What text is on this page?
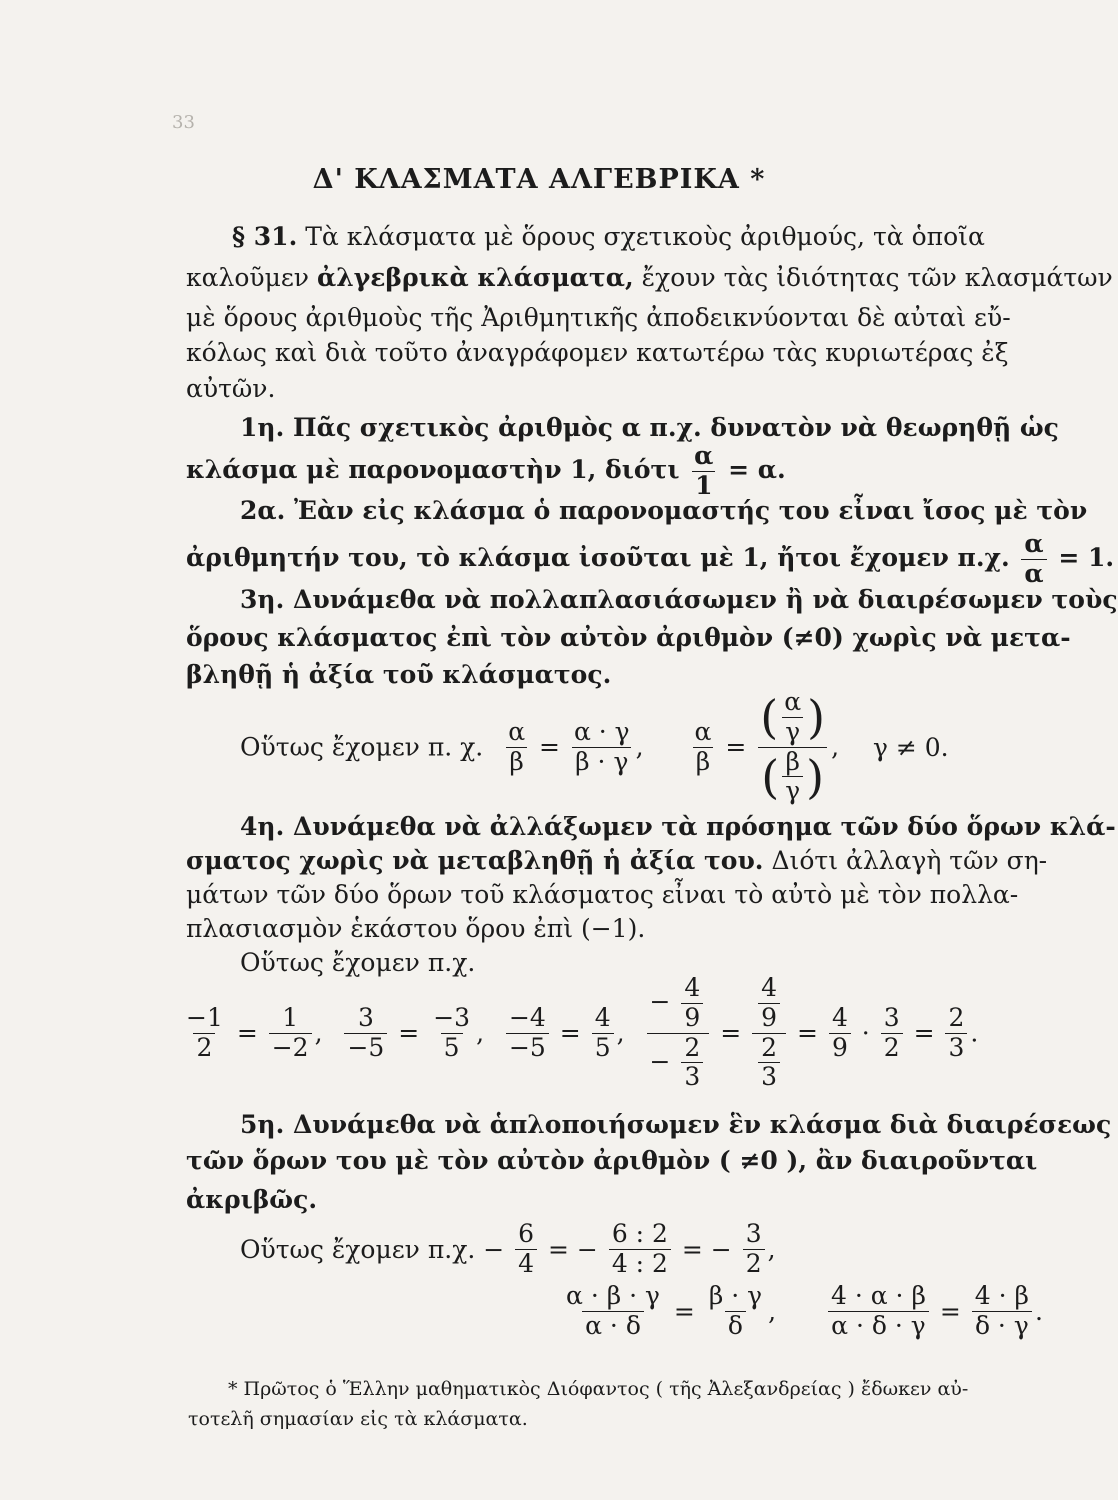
33
Δ' ΚΛΑΣΜΑΤΑ ΑΛΓΕΒΡΙΚΑ *
§ 31. Τὰ κλάσματα μὲ ὅρους σχετικοὺς ἀριθμούς, τὰ ὁποῖα
καλοῦμεν ἀλγεβρικὰ κλάσματα, ἔχουν τὰς ἰδιότητας τῶν κλασμάτων
μὲ ὅρους ἀριθμοὺς τῆς Ἀριθμητικῆς ἀποδεικνύονται δὲ αὐταὶ εὔ-
κόλως καὶ διὰ τοῦτο ἀναγράφομεν κατωτέρω τὰς κυριωτέρας ἐξ
αὐτῶν.
1η. Πᾶς σχετικὸς ἀριθμὸς α π.χ. δυνατὸν νὰ θεωρηθῇ ὡς
κλάσμα μὲ παρονομαστὴν 1, διότι $\frac{\alpha}{1} = \alpha$.
2α. Ἐὰν εἰς κλάσμα ὁ παρονομαστής του εἶναι ἴσος μὲ τὸν
ἀριθμητήν του, τὸ κλάσμα ἰσοῦται μὲ 1, ἤτοι ἔχομεν π.χ. $\frac{\alpha}{\alpha} = 1$.
3η. Δυνάμεθα νὰ πολλαπλασιάσωμεν ἢ νὰ διαιρέσωμεν τοὺς
ὅρους κλάσματος ἐπὶ τὸν αὐτὸν ἀριθμὸν (≠0) χωρὶς νὰ μετα-
βληθῇ ἡ ἀξία τοῦ κλάσματος.
Οὕτως ἔχομεν π. χ. $\frac{\alpha}{\beta} = \frac{\alpha \cdot \gamma}{\beta \cdot \gamma}$ , $\frac{\alpha}{\beta} = \frac{( \frac{\alpha}{\gamma} )}{( \frac{\beta}{\gamma} )}$ , γ ≠ 0.
4η. Δυνάμεθα νὰ ἀλλάξωμεν τὰ πρόσημα τῶν δύο ὅρων κλά-
σματος χωρὶς νὰ μεταβληθῇ ἡ ἀξία του. Διότι ἀλλαγὴ τῶν ση-
μάτων τῶν δύο ὅρων τοῦ κλάσματος εἶναι τὸ αὐτὸ μὲ τὸν πολλα-
πλασιασμὸν ἑκάστου ὅρου ἐπὶ (−1).
Οὕτως ἔχομεν π.χ.
$\frac{-1}{2} = \frac{1}{-2}$ , $\frac{3}{-5} = \frac{-3}{5}$ , $\frac{-4}{-5} = \frac{4}{5}$ , $\frac{- \frac{4}{9}}{- \frac{2}{3}} = \frac{\frac{4}{9}}{\frac{2}{3}} = \frac{4}{9} \cdot \frac{3}{2} = \frac{2}{3}$ .
5η. Δυνάμεθα νὰ ἁπλοποιήσωμεν ἓν κλάσμα διὰ διαιρέσεως
τῶν ὅρων του μὲ τὸν αὐτὸν ἀριθμὸν ( ≠0 ), ἂν διαιροῦνται
ἀκριβῶς.
Οὕτως ἔχομεν π.χ. − $\frac{6}{4}$ = − $\frac{6 : 2}{4 : 2}$ = − $\frac{3}{2}$ ,
$\frac{\alpha \cdot \beta \cdot \gamma}{\alpha \cdot \delta} = \frac{\beta \cdot \gamma}{\delta}$ , $\frac{4 \cdot \alpha \cdot \beta}{\alpha \cdot \delta \cdot \gamma} = \frac{4 \cdot \beta}{\delta \cdot \gamma}$ .
* Πρῶτος ὁ Ἕλλην μαθηματικὸς Διόφαντος ( τῆς Ἀλεξανδρείας ) ἔδωκεν αὐ-
τοτελῆ σημασίαν εἰς τὰ κλάσματα.
